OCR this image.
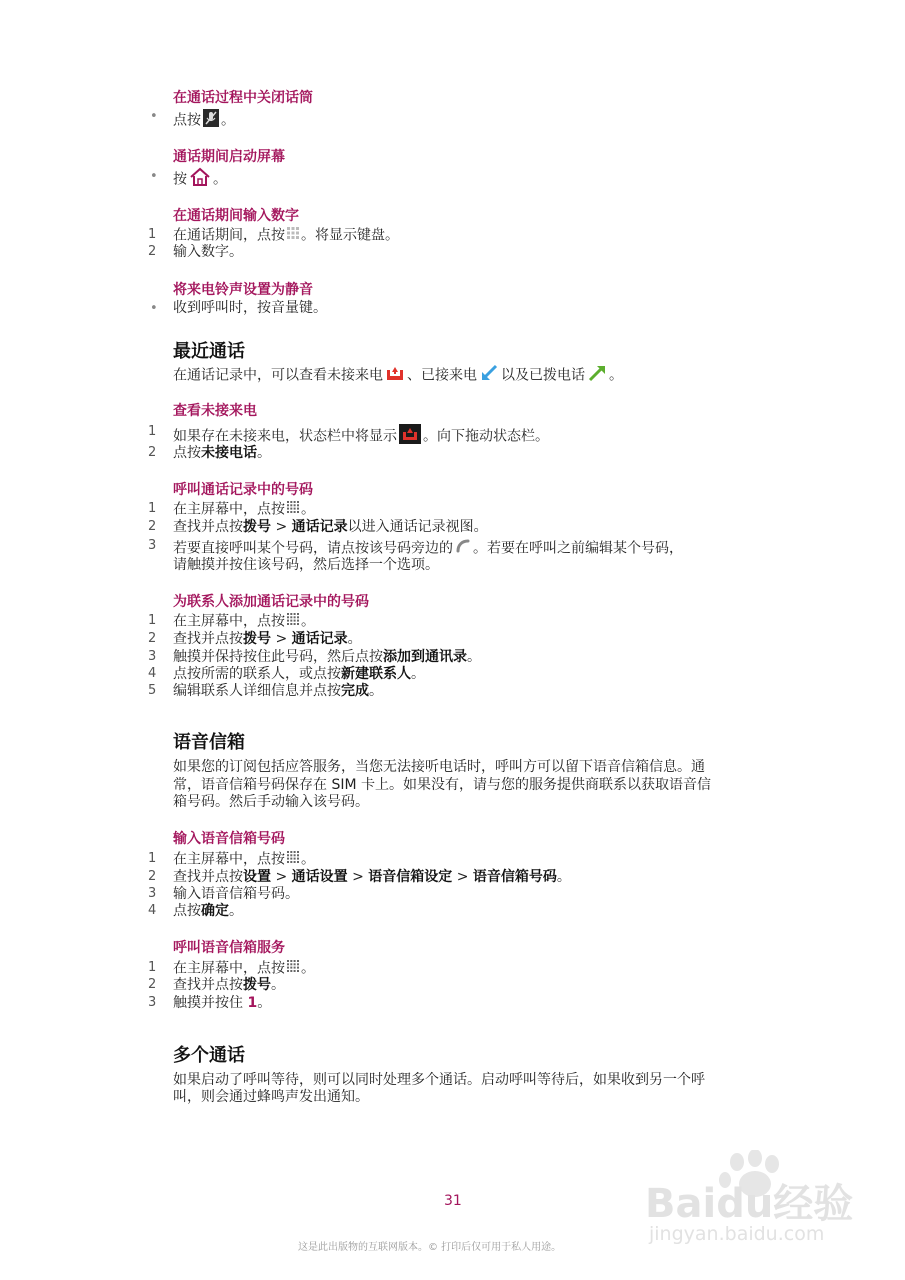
在通话过程中关闭话筒
• 点按 。
通话期间启动屏幕
• 按 。
在通话期间输入数字
1 在通话期间，点按 。将显示键盘。
2 输入数字。
将来电铃声设置为静音
• 收到呼叫时，按音量键。
最近通话
在通话记录中，可以查看未接来电 、已接来电 以及已拨电话 。
查看未接来电
1 如果存在未接来电，状态栏中将显示 。向下拖动状态栏。
2 点按未接电话。
呼叫通话记录中的号码
1 在主屏幕中，点按 。
2 查找并点按拨号 > 通话记录以进入通话记录视图。
3 若要直接呼叫某个号码，请点按该号码旁边的 。若要在呼叫之前编辑某个号码，
请触摸并按住该号码，然后选择一个选项。
为联系人添加通话记录中的号码
1 在主屏幕中，点按 。
2 查找并点按拨号 > 通话记录。
3 触摸并保持按住此号码，然后点按添加到通讯录。
4 点按所需的联系人，或点按新建联系人。
5 编辑联系人详细信息并点按完成。
语音信箱
如果您的订阅包括应答服务，当您无法接听电话时，呼叫方可以留下语音信箱信息。通
常，语音信箱号码保存在 SIM 卡上。如果没有，请与您的服务提供商联系以获取语音信
箱号码。然后手动输入该号码。
输入语音信箱号码
1 在主屏幕中，点按 。
2 查找并点按设置 > 通话设置 > 语音信箱设定 > 语音信箱号码。
3 输入语音信箱号码。
4 点按确定。
呼叫语音信箱服务
1 在主屏幕中，点按 。
2 查找并点按拨号。
3 触摸并按住 1。
多个通话
如果启动了呼叫等待，则可以同时处理多个通话。启动呼叫等待后，如果收到另一个呼
叫，则会通过蜂鸣声发出通知。
31	Baidu经验
jingyan.baidu.com
这是此出版物的互联网版本。© 打印后仅可用于私人用途。
